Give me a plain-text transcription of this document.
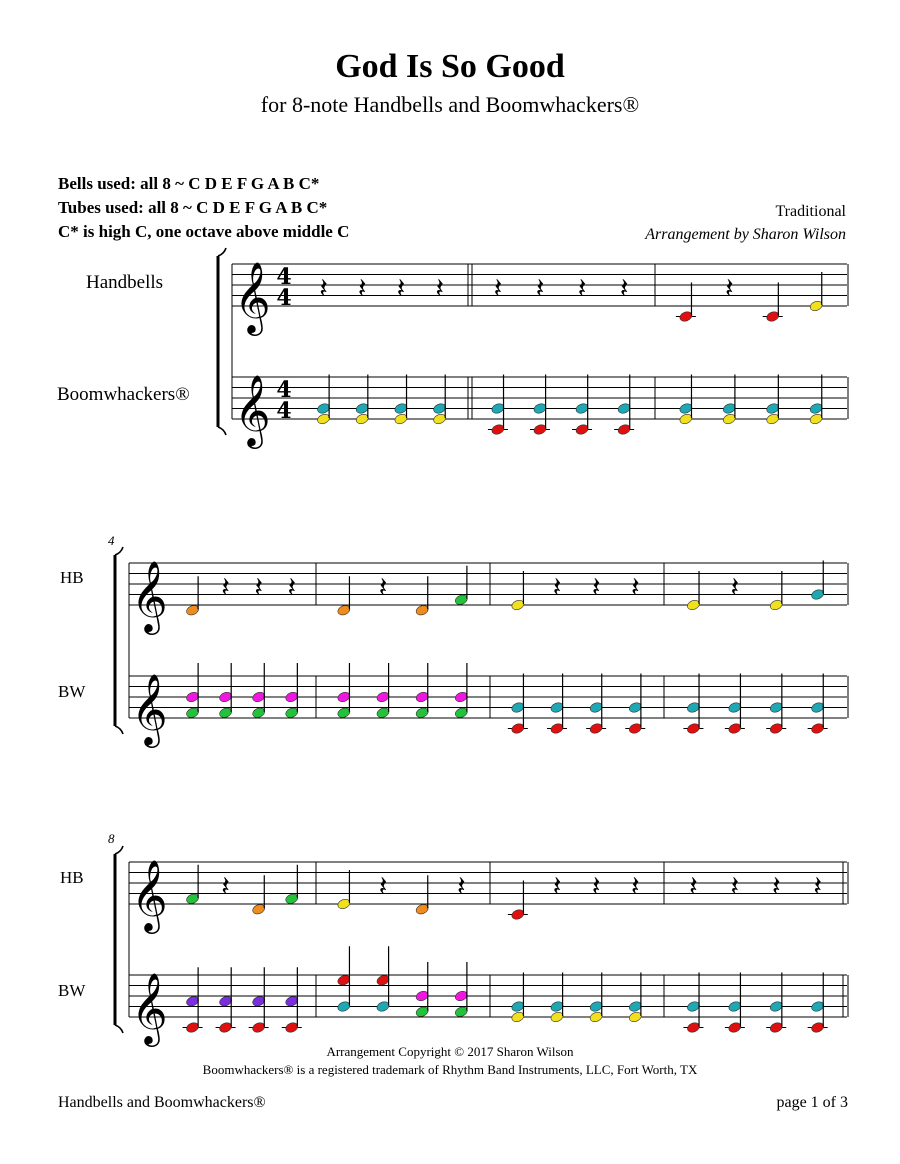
God Is So Good
for 8-note Handbells and Boomwhackers®
Bells used: all 8 ~ C D E F G A B C*
Tubes used: all 8 ~ C D E F G A B C*
C* is high C, one octave above middle C
Traditional
Arrangement by Sharon Wilson
Handbells
Boomwhackers®
HB
BW
HB
BW
4
8
𝄞
𝄞
4
4
4
4
𝄽 𝄽 𝄽 𝄽 𝄽 𝄽 𝄽 𝄽	𝄽
𝄞
𝄞
𝄽 𝄽 𝄽	𝄽	𝄽 𝄽 𝄽	𝄽
𝄞
𝄞
𝄽	𝄽 𝄽	𝄽 𝄽 𝄽 𝄽 𝄽 𝄽 𝄽
Arrangement Copyright © 2017 Sharon Wilson
Boomwhackers® is a registered trademark of Rhythm Band Instruments, LLC, Fort Worth, TX
Handbells and Boomwhackers®	page 1 of 3
